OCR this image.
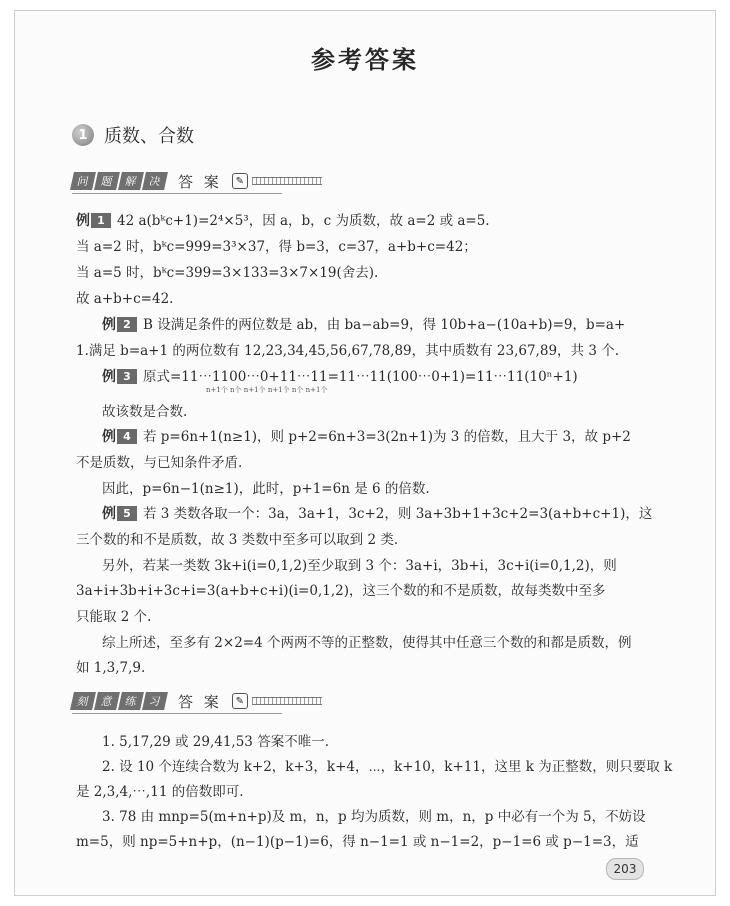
参考答案
1 质数、合数
问 题 解 决	答 案	✎
例 1 42 a(bᵏc+1)=2⁴×5³，因 a，b，c 为质数，故 a=2 或 a=5.
当 a=2 时，bᵏc=999=3³×37，得 b=3，c=37，a+b+c=42；
当 a=5 时，bᵏc=399=3×133=3×7×19(舍去).
故 a+b+c=42.
例 2 B 设满足条件的两位数是 ab，由 ba−ab=9，得 10b+a−(10a+b)=9，b=a+
1.满足 b=a+1 的两位数有 12,23,34,45,56,67,78,89，其中质数有 23,67,89，共 3 个.
例 3 原式=11⋯1100⋯0+11⋯11=11⋯11(100⋯0+1)=11⋯11(10ⁿ+1)
n+1个 n个 n+1个 n+1个 n个 n+1个
故该数是合数.
例 4 若 p=6n+1(n≥1)，则 p+2=6n+3=3(2n+1)为 3 的倍数，且大于 3，故 p+2
不是质数，与已知条件矛盾.
因此，p=6n−1(n≥1)，此时，p+1=6n 是 6 的倍数.
例 5 若 3 类数各取一个：3a，3a+1，3c+2，则 3a+3b+1+3c+2=3(a+b+c+1)，这
三个数的和不是质数，故 3 类数中至多可以取到 2 类.
另外，若某一类数 3k+i(i=0,1,2)至少取到 3 个：3a+i，3b+i，3c+i(i=0,1,2)，则
3a+i+3b+i+3c+i=3(a+b+c+i)(i=0,1,2)，这三个数的和不是质数，故每类数中至多
只能取 2 个.
综上所述，至多有 2×2=4 个两两不等的正整数，使得其中任意三个数的和都是质数，例
如 1,3,7,9.
刻 意 练 习	答 案	✎
1. 5,17,29 或 29,41,53 答案不唯一.
2. 设 10 个连续合数为 k+2，k+3，k+4，⋯，k+10，k+11，这里 k 为正整数，则只要取 k
是 2,3,4,⋯,11 的倍数即可.
3. 78 由 mnp=5(m+n+p)及 m，n，p 均为质数，则 m，n，p 中必有一个为 5，不妨设
m=5，则 np=5+n+p，(n−1)(p−1)=6，得 n−1=1 或 n−1=2，p−1=6 或 p−1=3，适
203
